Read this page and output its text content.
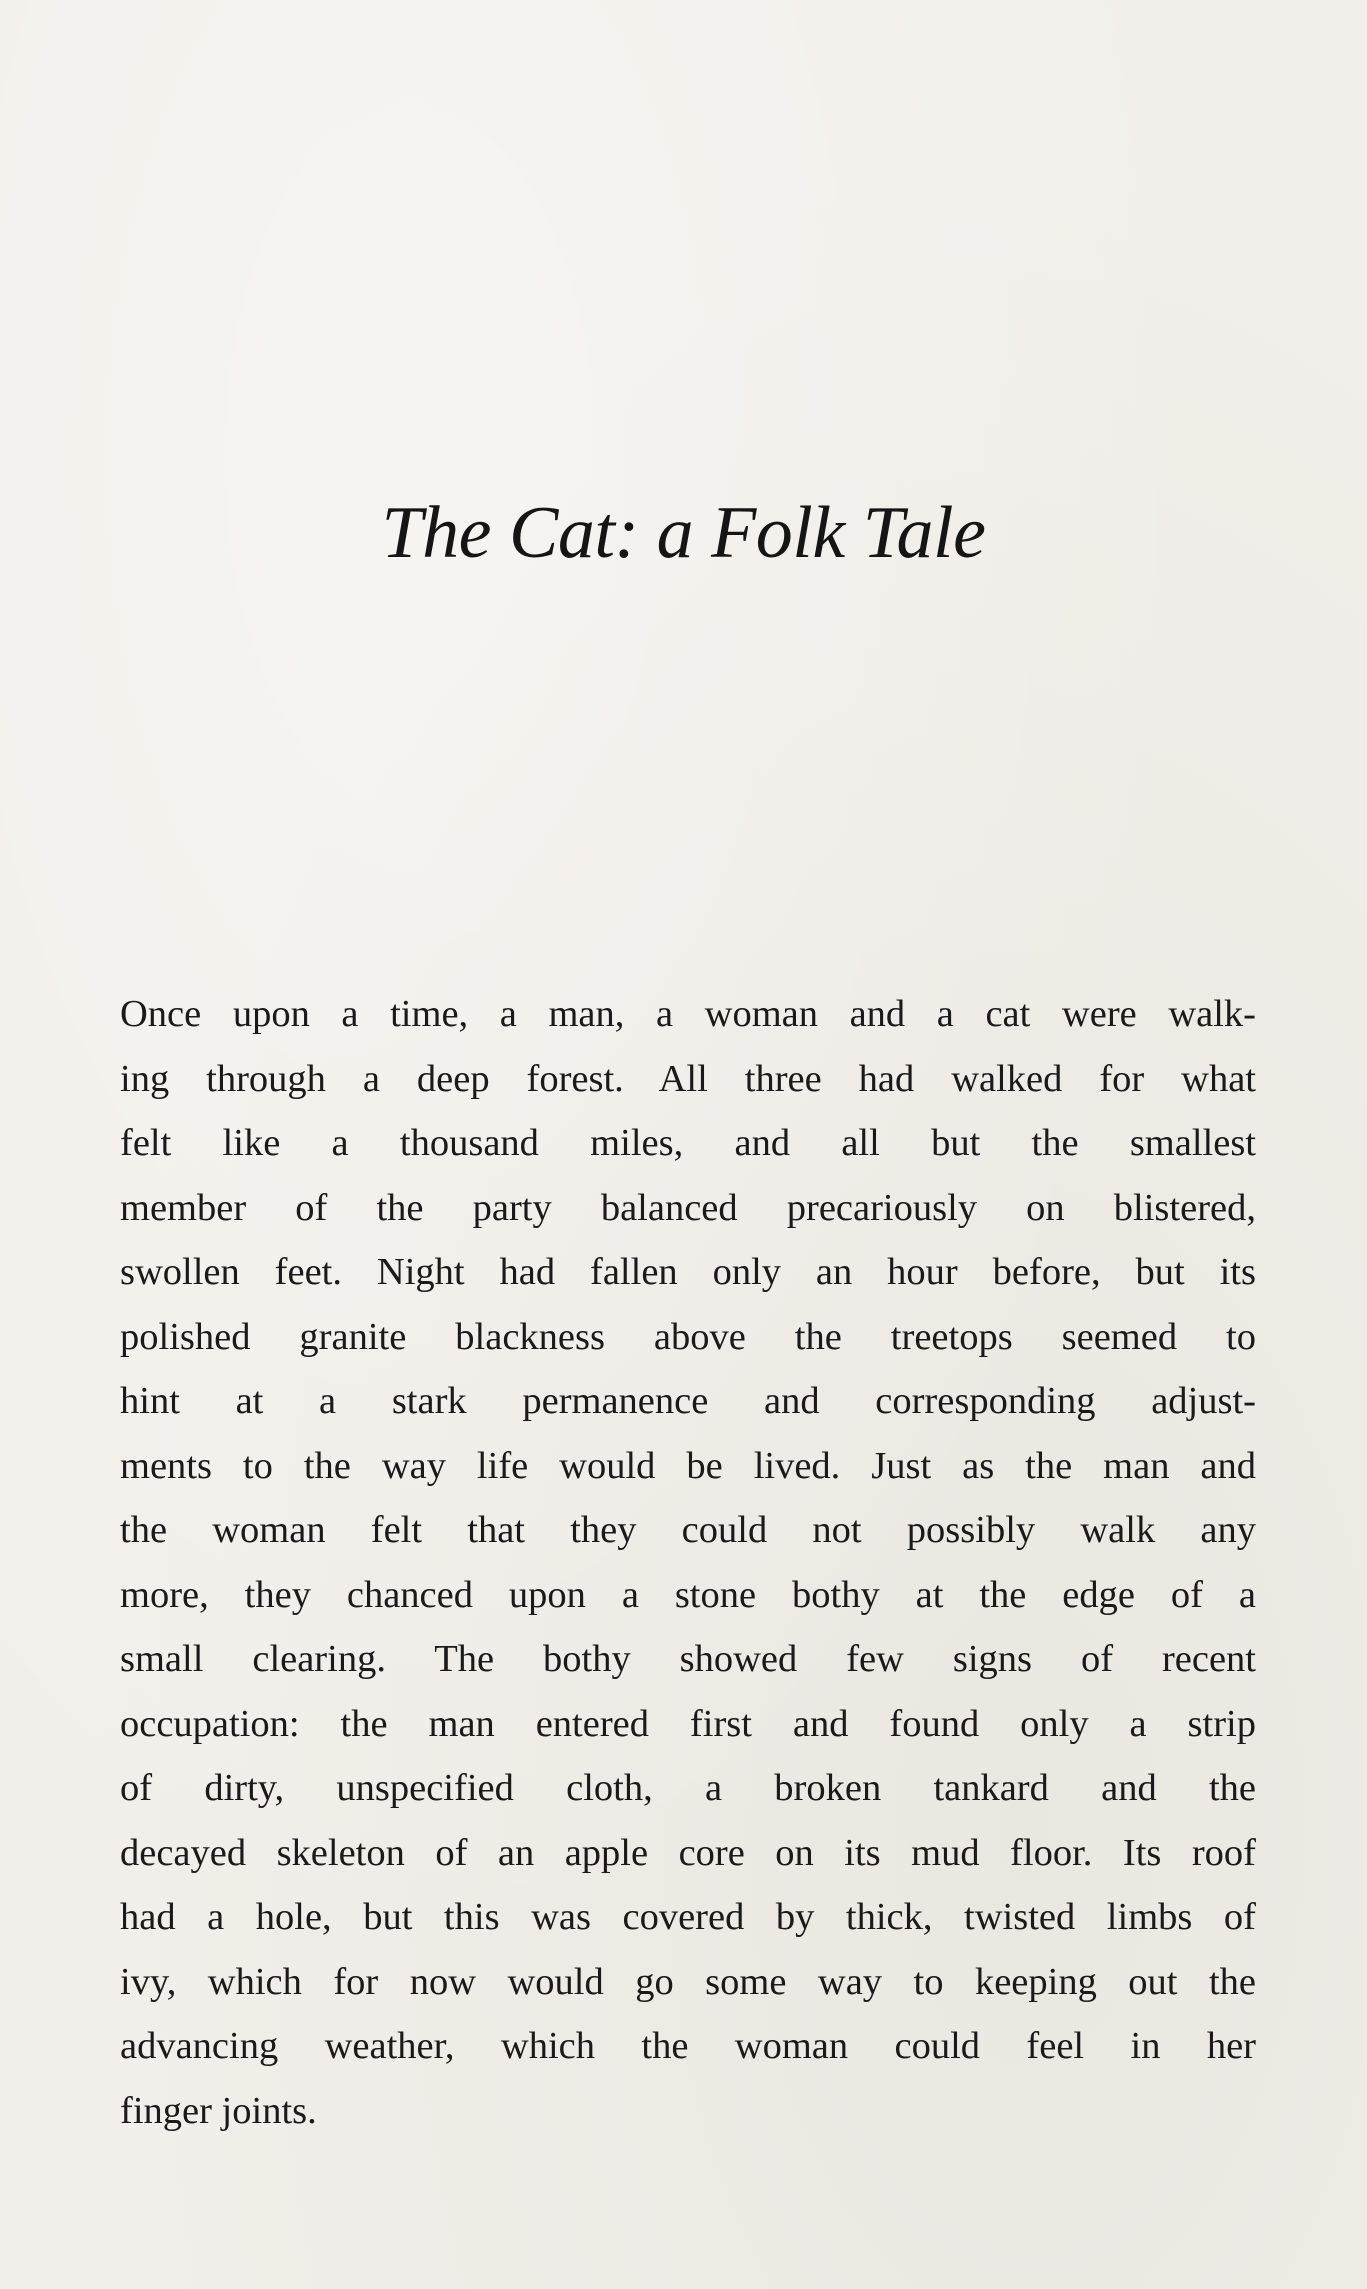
The Cat: a Folk Tale
Once upon a time, a man, a woman and a cat were walk-
ing through a deep forest. All three had walked for what
felt like a thousand miles, and all but the smallest
member of the party balanced precariously on blistered,
swollen feet. Night had fallen only an hour before, but its
polished granite blackness above the treetops seemed to
hint at a stark permanence and corresponding adjust-
ments to the way life would be lived. Just as the man and
the woman felt that they could not possibly walk any
more, they chanced upon a stone bothy at the edge of a
small clearing. The bothy showed few signs of recent
occupation: the man entered first and found only a strip
of dirty, unspecified cloth, a broken tankard and the
decayed skeleton of an apple core on its mud floor. Its roof
had a hole, but this was covered by thick, twisted limbs of
ivy, which for now would go some way to keeping out the
advancing weather, which the woman could feel in her
finger joints.
